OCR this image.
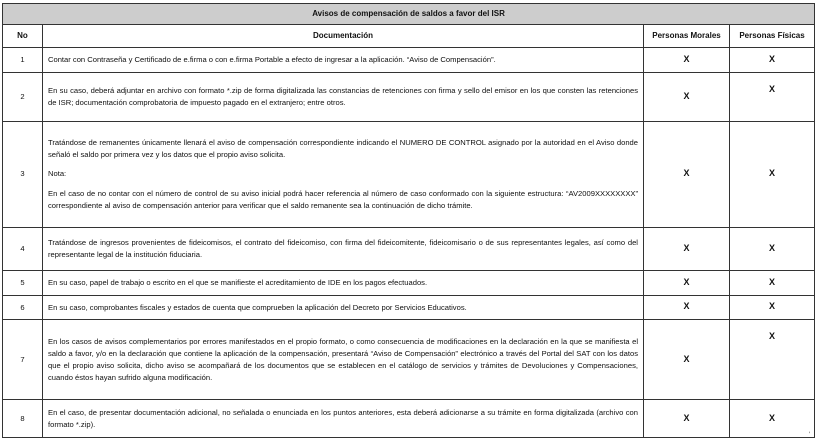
Avisos de compensación de saldos a favor del ISR			
No	Documentación	Personas Morales	Personas Físicas
1	Contar con Contraseña y Certificado de e.firma o con e.firma Portable a efecto de ingresar a la aplicación. “Aviso de Compensación”.	X	X
2	En su caso, deberá adjuntar en archivo con formato *.zip de forma digitalizada las constancias de retenciones con firma y sello del emisor en los que consten las retenciones de ISR; documentación comprobatoria de impuesto pagado en el extranjero; entre otros.	X	X
3	Tratándose de remanentes únicamente llenará el aviso de compensación correspondiente indicando el NUMERO DE CONTROL asignado por la autoridad en el Aviso donde señaló el saldo por primera vez y los datos que el propio aviso solicita.

Nota:

En el caso de no contar con el número de control de su aviso inicial podrá hacer referencia al número de caso conformado con la siguiente estructura: “AV2009XXXXXXXX” correspondiente al aviso de compensación anterior para verificar que el saldo remanente sea la continuación de dicho trámite.	X	X
4	Tratándose de ingresos provenientes de fideicomisos, el contrato del fideicomiso, con firma del fideicomitente, fideicomisario o de sus representantes legales, así como del representante legal de la institución fiduciaria.	X	X
5	En su caso, papel de trabajo o escrito en el que se manifieste el acreditamiento de IDE en los pagos efectuados.	X	X
6	En su caso, comprobantes fiscales y estados de cuenta que comprueben la aplicación del Decreto por Servicios Educativos.	X	X
7	En los casos de avisos complementarios por errores manifestados en el propio formato, o como consecuencia de modificaciones en la declaración en la que se manifiesta el saldo a favor, y/o en la declaración que contiene la aplicación de la compensación, presentará “Aviso de Compensación” electrónico a través del Portal del SAT con los datos que el propio aviso solicita, dicho aviso se acompañará de los documentos que se establecen en el catálogo de servicios y trámites de Devoluciones y Compensaciones, cuando éstos hayan sufrido alguna modificación.	X	X
8	En el caso, de presentar documentación adicional, no señalada o enunciada en los puntos anteriores, esta deberá adicionarse a su trámite en forma digitalizada (archivo con formato *.zip).	X	X
‘
